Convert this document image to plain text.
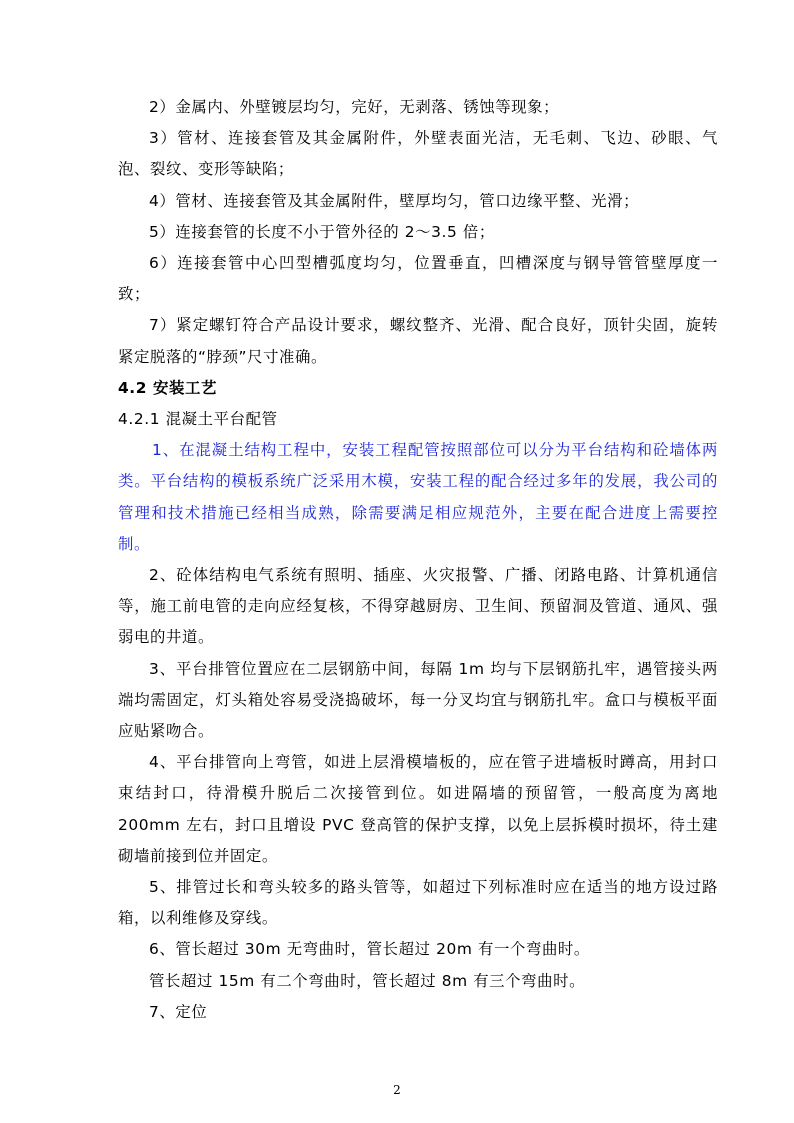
2）金属内、外壁镀层均匀，完好，无剥落、锈蚀等现象；

3）管材、连接套管及其金属附件，外壁表面光洁，无毛刺、飞边、砂眼、气泡、裂纹、变形等缺陷；

4）管材、连接套管及其金属附件，壁厚均匀，管口边缘平整、光滑；

5）连接套管的长度不小于管外径的 2～3.5 倍；

6）连接套管中心凹型槽弧度均匀，位置垂直，凹槽深度与钢导管管壁厚度一致；

7）紧定螺钉符合产品设计要求，螺纹整齐、光滑、配合良好，顶针尖固，旋转紧定脱落的“脖颈”尺寸准确。

4.2 安装工艺

4.2.1 混凝土平台配管

1、在混凝土结构工程中，安装工程配管按照部位可以分为平台结构和砼墙体两类。平台结构的模板系统广泛采用木模，安装工程的配合经过多年的发展，我公司的管理和技术措施已经相当成熟，除需要满足相应规范外，主要在配合进度上需要控制。

2、砼体结构电气系统有照明、插座、火灾报警、广播、闭路电路、计算机通信等，施工前电管的走向应经复核，不得穿越厨房、卫生间、预留洞及管道、通风、强弱电的井道。

3、平台排管位置应在二层钢筋中间，每隔 1m 均与下层钢筋扎牢，遇管接头两端均需固定，灯头箱处容易受浇捣破坏，每一分叉均宜与钢筋扎牢。盒口与模板平面应贴紧吻合。

4、平台排管向上弯管，如进上层滑模墙板的，应在管子进墙板时蹲高，用封口束结封口，待滑模升脱后二次接管到位。如进隔墙的预留管，一般高度为离地 200mm 左右，封口且增设 PVC 登高管的保护支撑，以免上层拆模时损坏，待土建砌墙前接到位并固定。

5、排管过长和弯头较多的路头管等，如超过下列标准时应在适当的地方设过路箱，以利维修及穿线。

6、管长超过 30m 无弯曲时，管长超过 20m 有一个弯曲时。

管长超过 15m 有二个弯曲时，管长超过 8m 有三个弯曲时。

7、定位

2
